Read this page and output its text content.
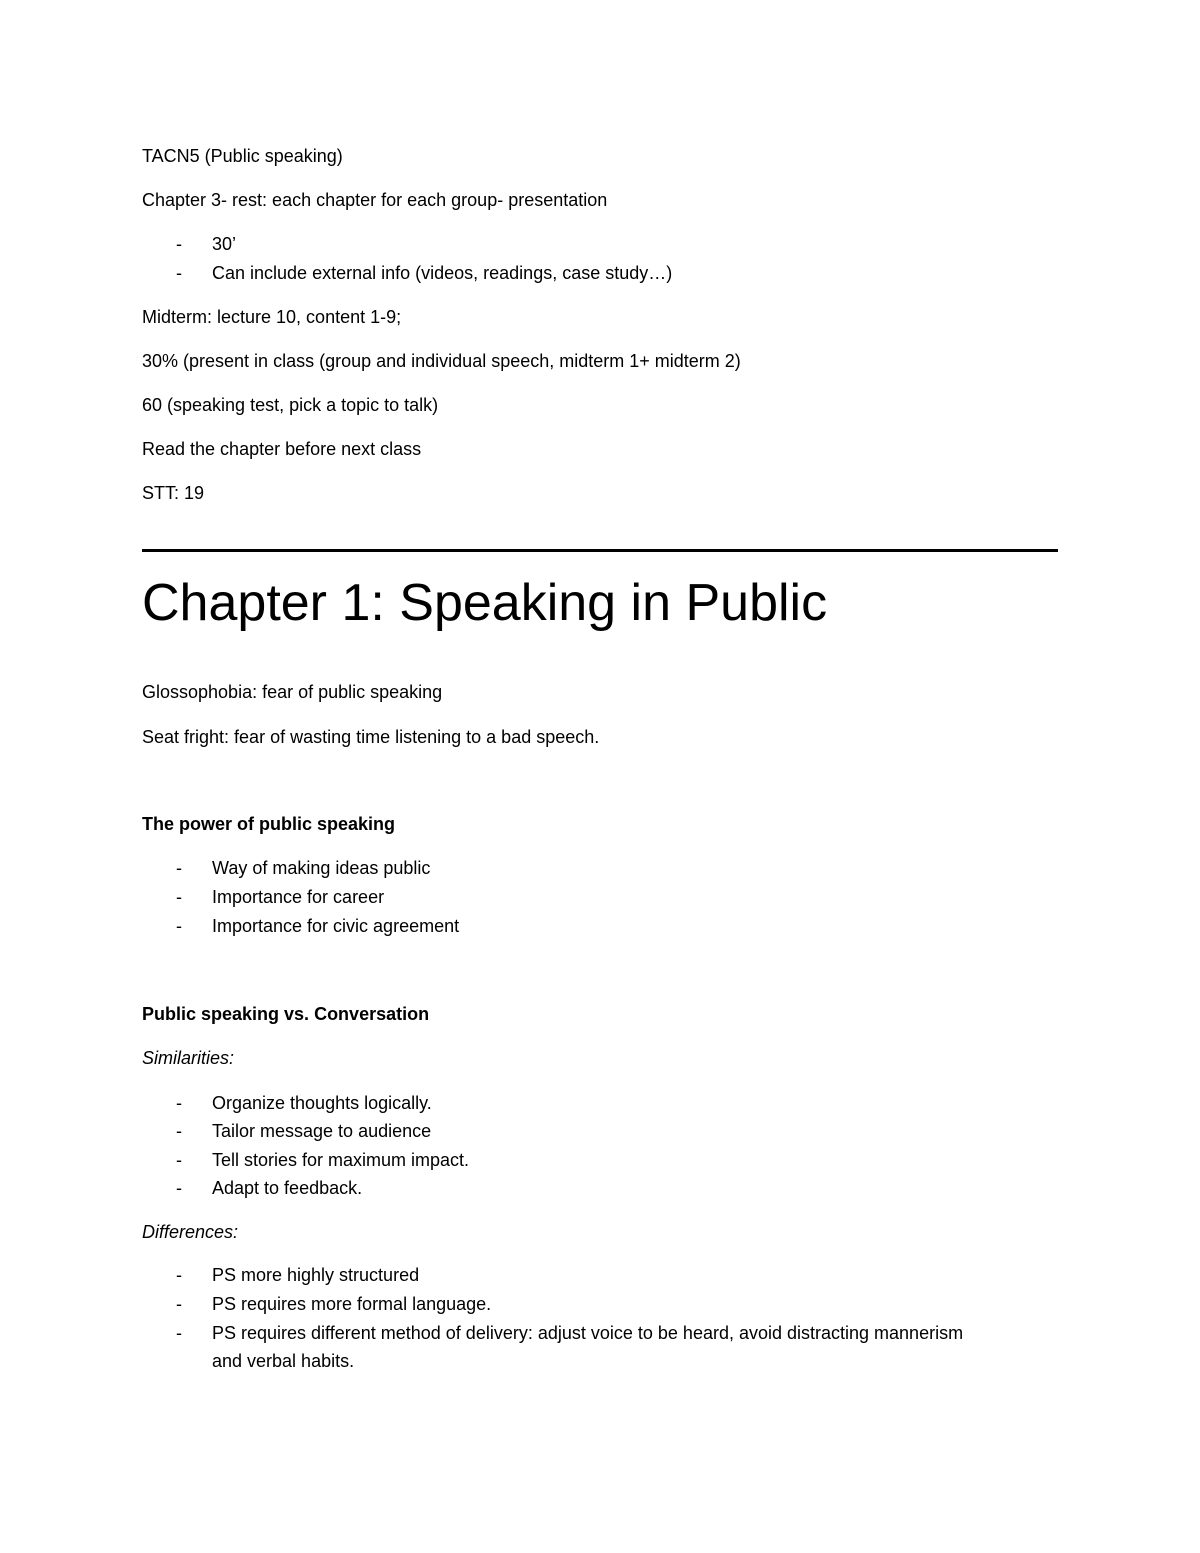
TACN5 (Public speaking)
Chapter 3- rest: each chapter for each group- presentation
- 30’
- Can include external info (videos, readings, case study…)
Midterm: lecture 10, content 1-9;
30% (present in class (group and individual speech, midterm 1+ midterm 2)
60 (speaking test, pick a topic to talk)
Read the chapter before next class
STT: 19
Chapter 1: Speaking in Public
Glossophobia: fear of public speaking
Seat fright: fear of wasting time listening to a bad speech.
The power of public speaking
- Way of making ideas public
- Importance for career
- Importance for civic agreement
Public speaking vs. Conversation
Similarities:
- Organize thoughts logically.
- Tailor message to audience
- Tell stories for maximum impact.
- Adapt to feedback.
Differences:
- PS more highly structured
- PS requires more formal language.
- PS requires different method of delivery: adjust voice to be heard, avoid distracting mannerism
and verbal habits.
